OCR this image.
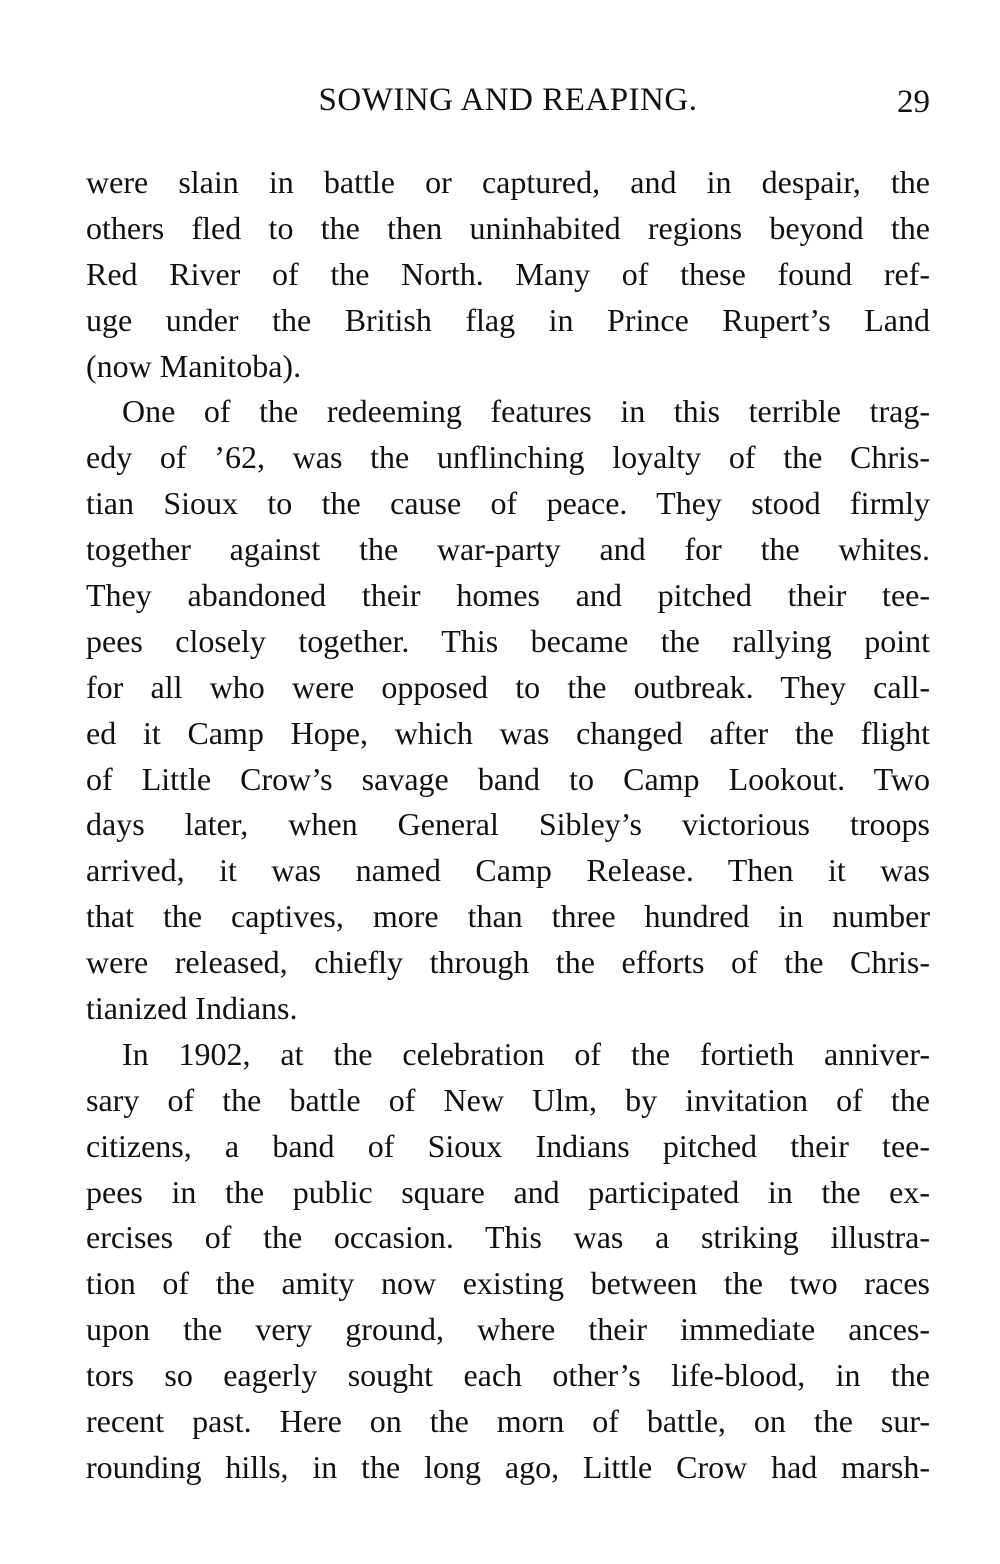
SOWING AND REAPING.	29
were slain in battle or captured, and in despair, the
others fled to the then uninhabited regions beyond the
Red River of the North. Many of these found ref-
uge under the British flag in Prince Rupert’s Land
(now Manitoba).
One of the redeeming features in this terrible trag-
edy of ’62, was the unflinching loyalty of the Chris-
tian Sioux to the cause of peace. They stood firmly
together against the war-party and for the whites.
They abandoned their homes and pitched their tee-
pees closely together. This became the rallying point
for all who were opposed to the outbreak. They call-
ed it Camp Hope, which was changed after the flight
of Little Crow’s savage band to Camp Lookout. Two
days later, when General Sibley’s victorious troops
arrived, it was named Camp Release. Then it was
that the captives, more than three hundred in number
were released, chiefly through the efforts of the Chris-
tianized Indians.
In 1902, at the celebration of the fortieth anniver-
sary of the battle of New Ulm, by invitation of the
citizens, a band of Sioux Indians pitched their tee-
pees in the public square and participated in the ex-
ercises of the occasion. This was a striking illustra-
tion of the amity now existing between the two races
upon the very ground, where their immediate ances-
tors so eagerly sought each other’s life-blood, in the
recent past. Here on the morn of battle, on the sur-
rounding hills, in the long ago, Little Crow had marsh-
